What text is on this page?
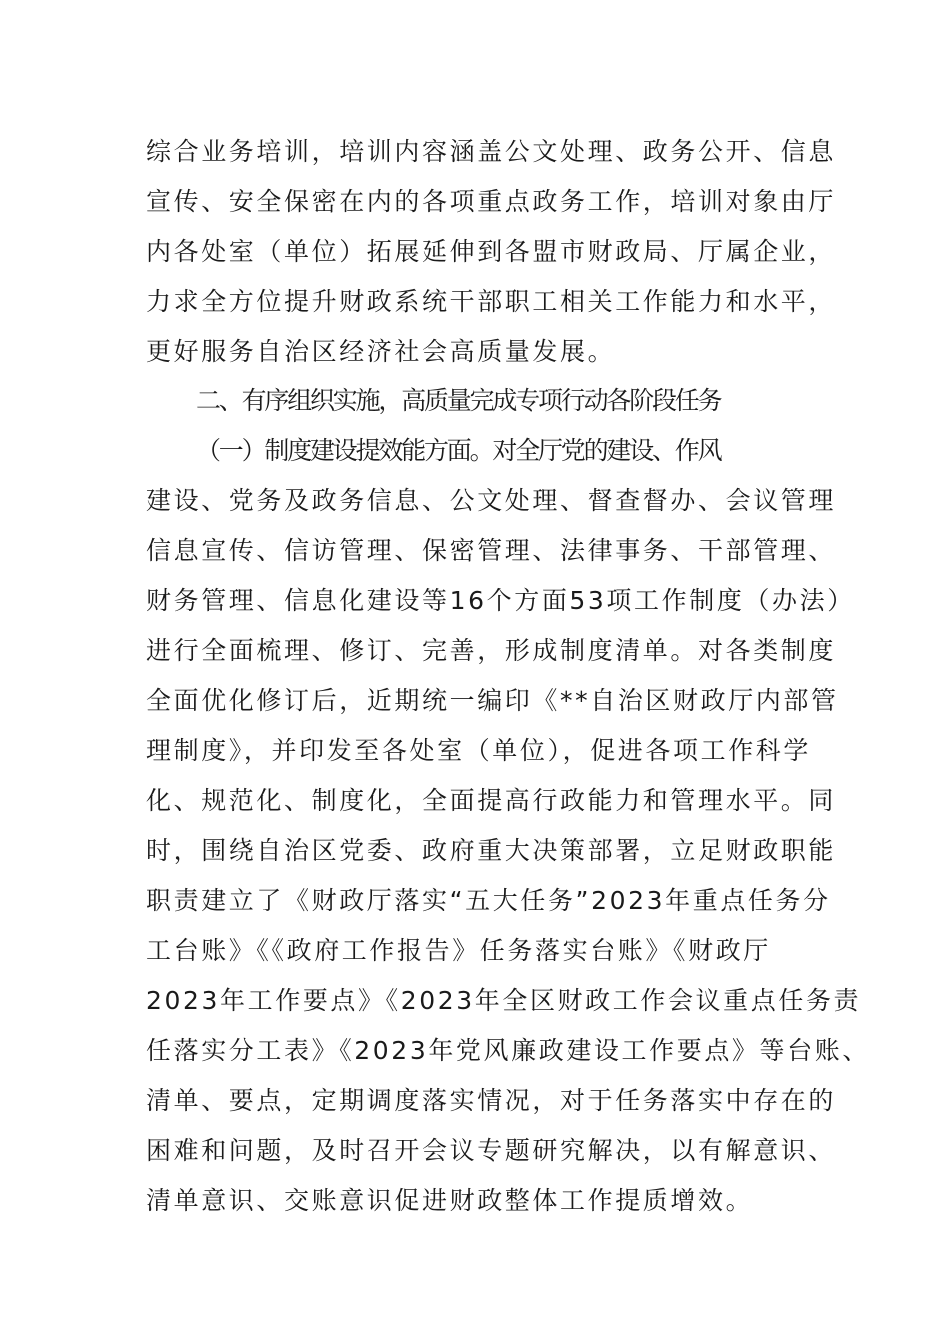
综合业务培训，培训内容涵盖公文处理、政务公开、信息
宣传、安全保密在内的各项重点政务工作，培训对象由厅
内各处室（单位）拓展延伸到各盟市财政局、厅属企业，
力求全方位提升财政系统干部职工相关工作能力和水平，
更好服务自治区经济社会高质量发展。
二、有序组织实施，高质量完成专项行动各阶段任务
（一）制度建设提效能方面。对全厅党的建设、作风
建设、党务及政务信息、公文处理、督查督办、会议管理
信息宣传、信访管理、保密管理、法律事务、干部管理、
财务管理、信息化建设等16个方面53项工作制度（办法）
进行全面梳理、修订、完善，形成制度清单。对各类制度
全面优化修订后，近期统一编印《**自治区财政厅内部管
理制度》，并印发至各处室（单位），促进各项工作科学
化、规范化、制度化，全面提高行政能力和管理水平。同
时，围绕自治区党委、政府重大决策部署，立足财政职能
职责建立了《财政厅落实“五大任务”2023年重点任务分
工台账》《《政府工作报告》任务落实台账》《财政厅
2023年工作要点》《2023年全区财政工作会议重点任务责
任落实分工表》《2023年党风廉政建设工作要点》等台账、
清单、要点，定期调度落实情况，对于任务落实中存在的
困难和问题，及时召开会议专题研究解决，以有解意识、
清单意识、交账意识促进财政整体工作提质增效。
